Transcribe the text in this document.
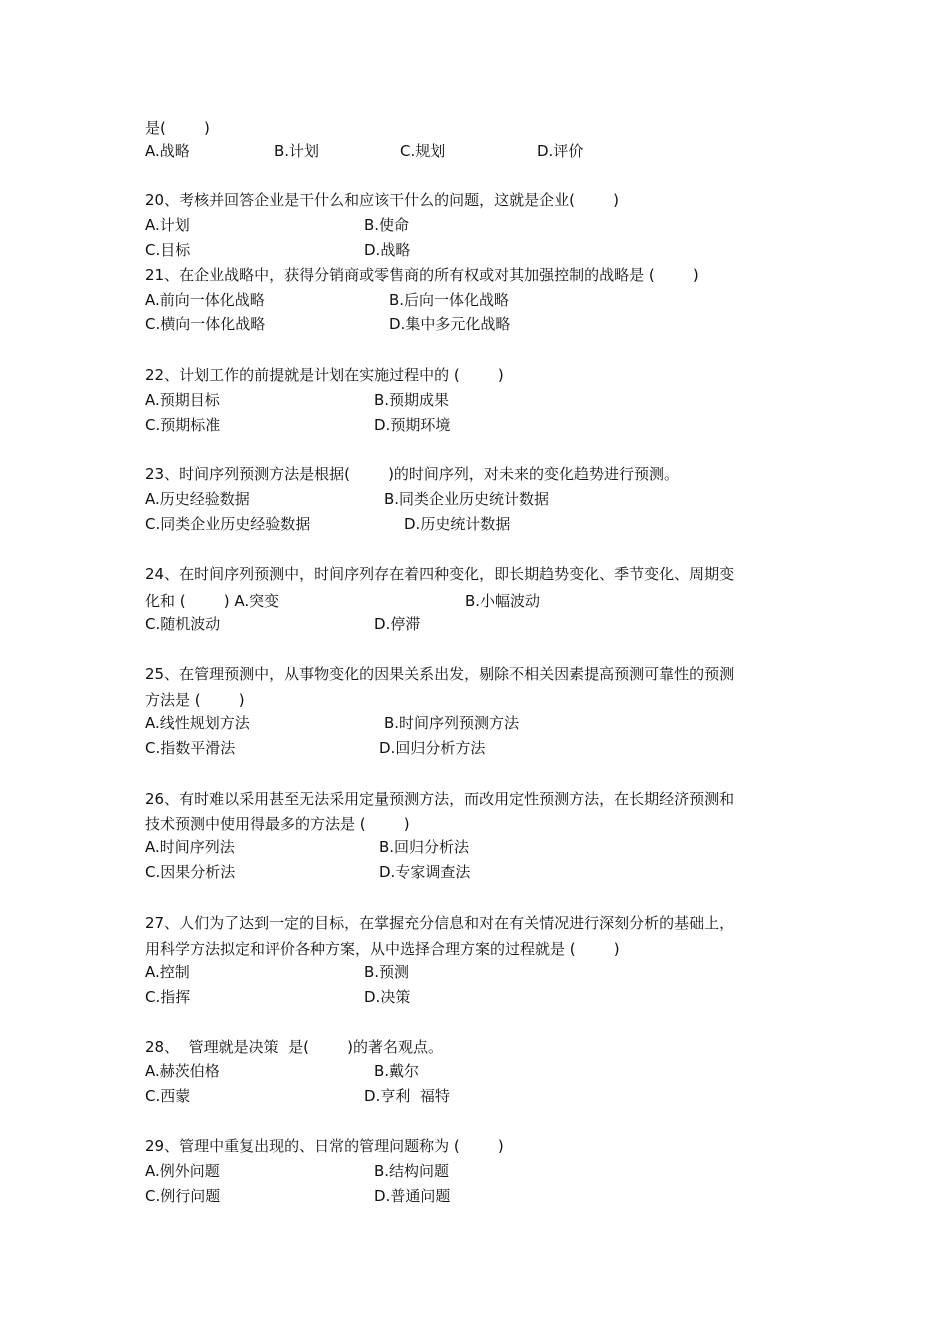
是(        )
A.战略	B.计划	C.规划	D.评价
20、考核并回答企业是干什么和应该干什么的问题，这就是企业(        )
A.计划	B.使命
C.目标	D.战略
21、在企业战略中，获得分销商或零售商的所有权或对其加强控制的战略是 (        )
A.前向一体化战略	B.后向一体化战略
C.横向一体化战略	D.集中多元化战略
22、计划工作的前提就是计划在实施过程中的 (        )
A.预期目标	B.预期成果
C.预期标准	D.预期环境
23、时间序列预测方法是根据(        )的时间序列，对未来的变化趋势进行预测。
A.历史经验数据	B.同类企业历史统计数据
C.同类企业历史经验数据	D.历史统计数据
24、在时间序列预测中，时间序列存在着四种变化，即长期趋势变化、季节变化、周期变
化和 (        ) A.突变	B.小幅波动
C.随机波动	D.停滞
25、在管理预测中，从事物变化的因果关系出发，剔除不相关因素提高预测可靠性的预测
方法是 (        )
A.线性规划方法	B.时间序列预测方法
C.指数平滑法	D.回归分析方法
26、有时难以采用甚至无法采用定量预测方法，而改用定性预测方法，在长期经济预测和
技术预测中使用得最多的方法是 (        )
A.时间序列法	B.回归分析法
C.因果分析法	D.专家调查法
27、人们为了达到一定的目标，在掌握充分信息和对在有关情况进行深刻分析的基础上，
用科学方法拟定和评价各种方案，从中选择合理方案的过程就是 (        )
A.控制	B.预测
C.指挥	D.决策
28、  管理就是决策  是(        )的著名观点。
A.赫茨伯格	B.戴尔
C.西蒙	D.亨利  福特
29、管理中重复出现的、日常的管理问题称为 (        )
A.例外问题	B.结构问题
C.例行问题	D.普通问题
